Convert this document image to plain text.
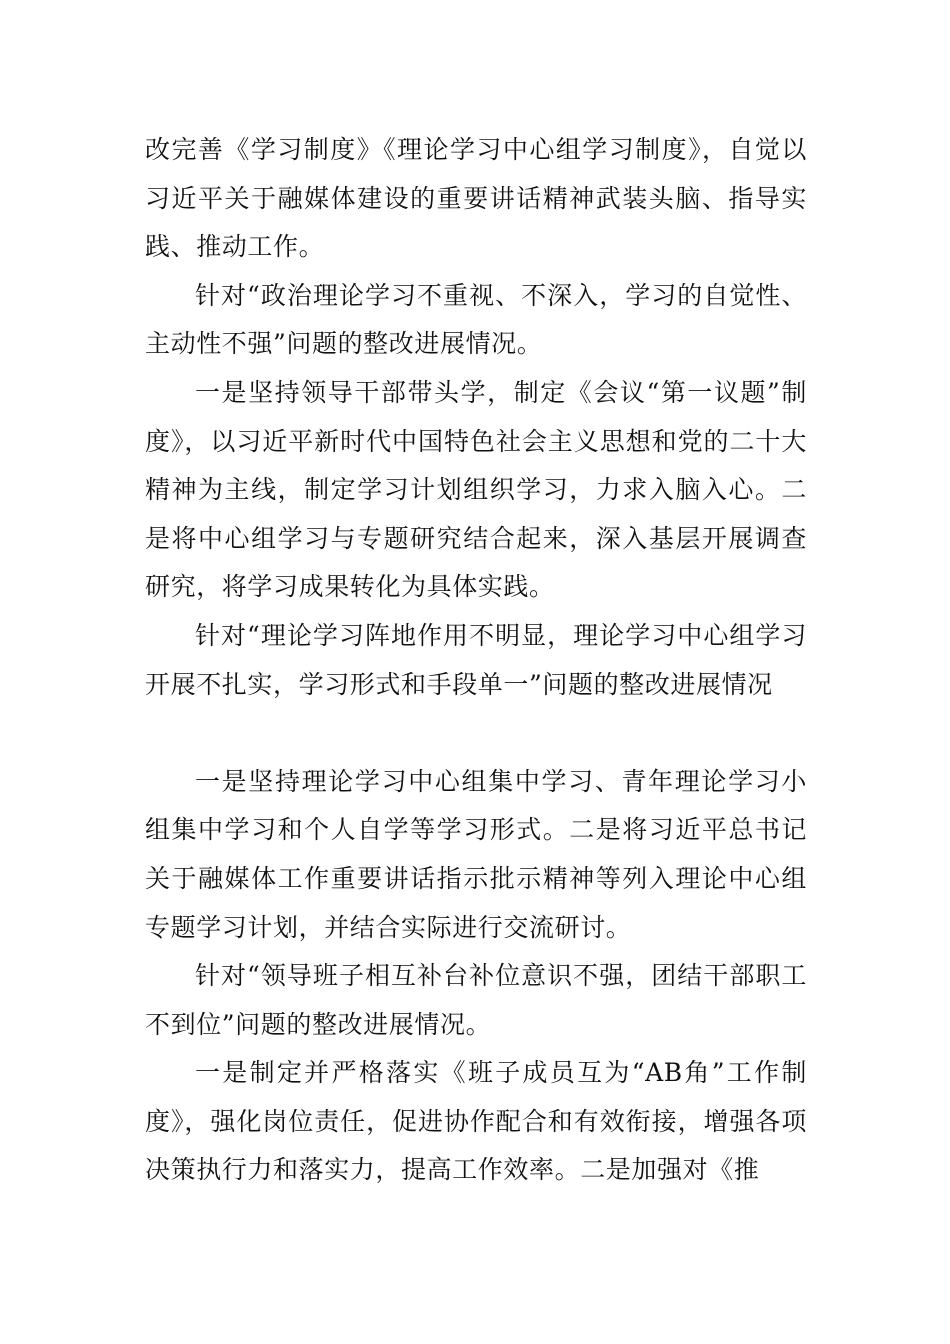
改完善《学习制度》《理论学习中心组学习制度》，自觉以习近平关于融媒体建设的重要讲话精神武装头脑、指导实践、推动工作。

针对“政治理论学习不重视、不深入，学习的自觉性、主动性不强”问题的整改进展情况。

一是坚持领导干部带头学，制定《会议“第一议题”制度》，以习近平新时代中国特色社会主义思想和党的二十大精神为主线，制定学习计划组织学习，力求入脑入心。二是将中心组学习与专题研究结合起来，深入基层开展调查研究，将学习成果转化为具体实践。

针对“理论学习阵地作用不明显，理论学习中心组学习开展不扎实，学习形式和手段单一”问题的整改进展情况

一是坚持理论学习中心组集中学习、青年理论学习小组集中学习和个人自学等学习形式。二是将习近平总书记关于融媒体工作重要讲话指示批示精神等列入理论中心组专题学习计划，并结合实际进行交流研讨。

针对“领导班子相互补台补位意识不强，团结干部职工不到位”问题的整改进展情况。

一是制定并严格落实《班子成员互为“AB角”工作制度》，强化岗位责任，促进协作配合和有效衔接，增强各项决策执行力和落实力，提高工作效率。二是加强对《推
